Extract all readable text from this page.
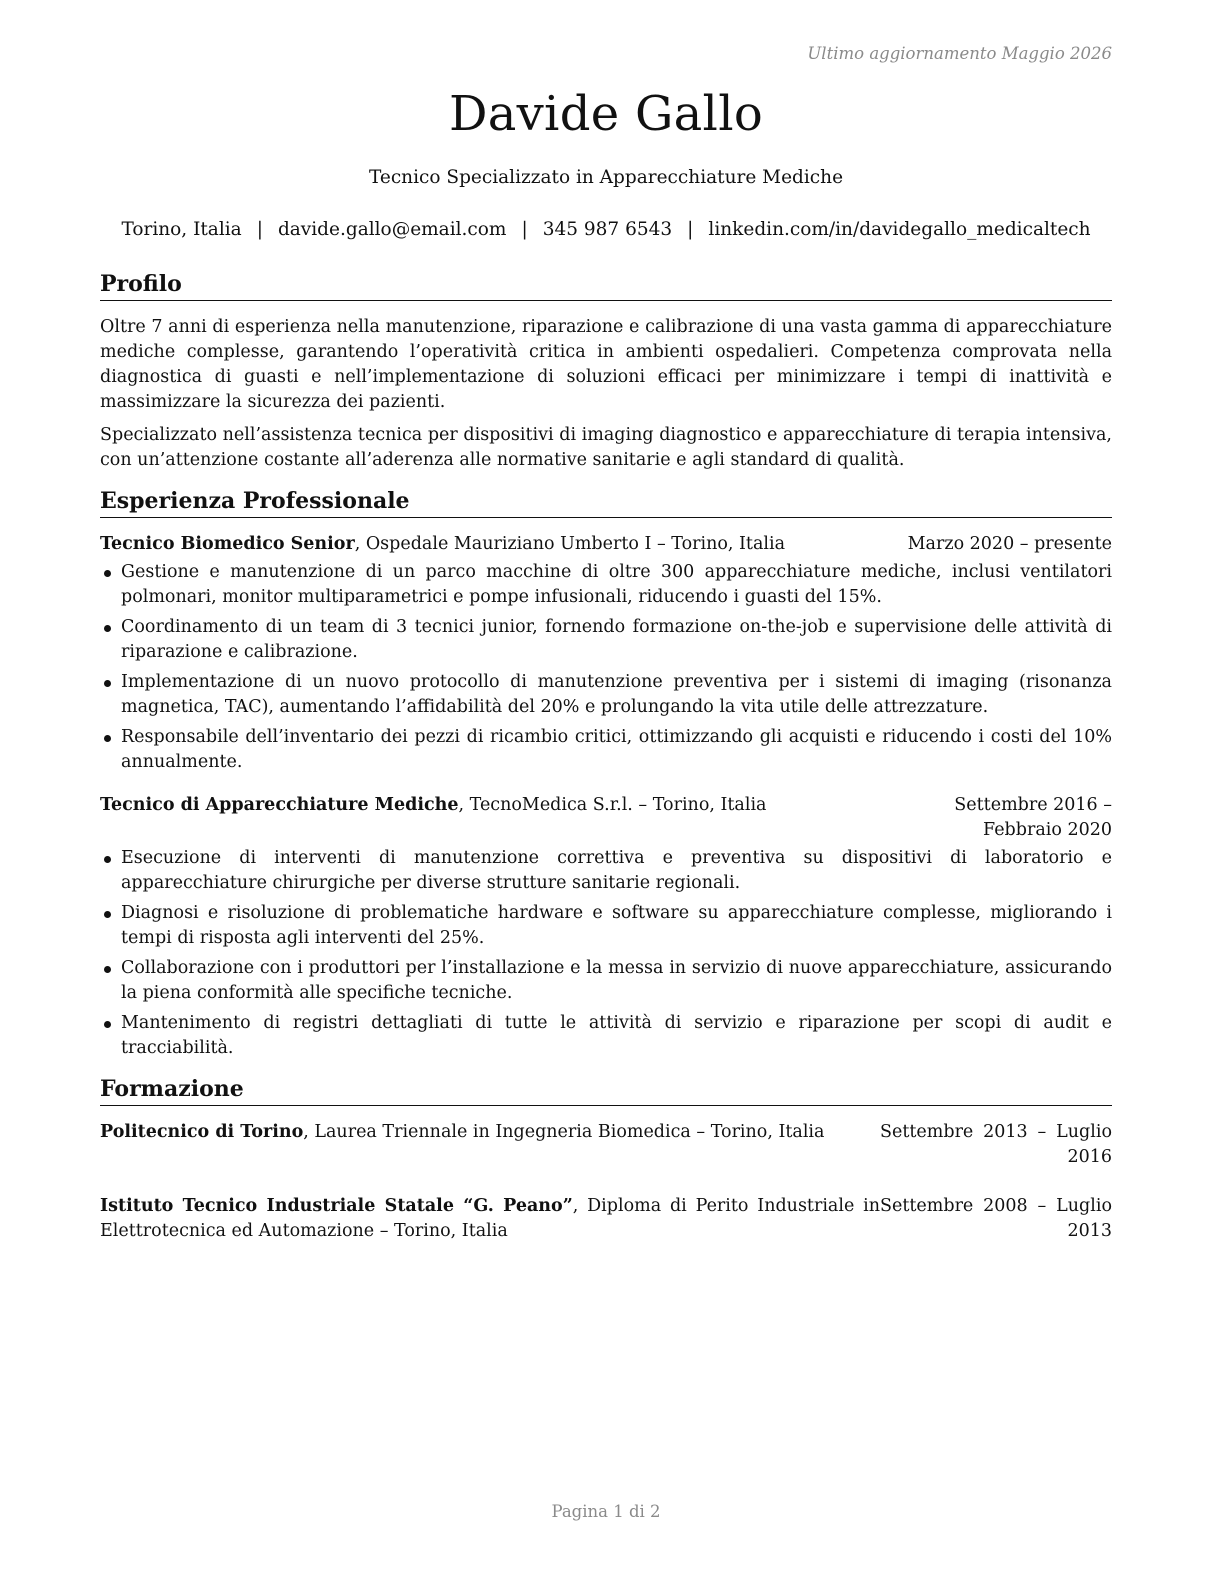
Ultimo aggiornamento Maggio 2026
Davide Gallo
Tecnico Specializzato in Apparecchiature Mediche
Torino, Italia | davide.gallo@email.com | 345 987 6543 | linkedin.com/in/davidegallo_medicaltech
Profilo

Oltre 7 anni di esperienza nella manutenzione, riparazione e calibrazione di una vasta gamma di apparecchiature mediche complesse, garantendo l’operatività critica in ambienti ospedalieri. Competenza comprovata nella diagnostica di guasti e nell’implementazione di soluzioni efficaci per minimizzare i tempi di inattività e massimizzare la sicurezza dei pazienti.

Specializzato nell’assistenza tecnica per dispositivi di imaging diagnostico e apparecchiature di terapia intensiva, con un’attenzione costante all’aderenza alle normative sanitarie e agli standard di qualità.

Esperienza Professionale
Tecnico Biomedico Senior, Ospedale Mauriziano Umberto I – Torino, Italia	Marzo 2020 – presente
Gestione e manutenzione di un parco macchine di oltre 300 apparecchiature mediche, inclusi ventilatori polmonari, monitor multiparametrici e pompe infusionali, riducendo i guasti del 15%.
Coordinamento di un team di 3 tecnici junior, fornendo formazione on-the-job e supervisione delle attività di riparazione e calibrazione.
Implementazione di un nuovo protocollo di manutenzione preventiva per i sistemi di imaging (risonanza magnetica, TAC), aumentando l’affidabilità del 20% e prolungando la vita utile delle attrezzature.
Responsabile dell’inventario dei pezzi di ricambio critici, ottimizzando gli acquisti e riducendo i costi del 10% annualmente.
Tecnico di Apparecchiature Mediche, TecnoMedica S.r.l. – Torino, Italia	Settembre 2016 – Febbraio 2020
Esecuzione di interventi di manutenzione correttiva e preventiva su dispositivi di laboratorio e apparecchiature chirurgiche per diverse strutture sanitarie regionali.
Diagnosi e risoluzione di problematiche hardware e software su apparecchiature complesse, migliorando i tempi di risposta agli interventi del 25%.
Collaborazione con i produttori per l’installazione e la messa in servizio di nuove apparecchiature, assicurando la piena conformità alle specifiche tecniche.
Mantenimento di registri dettagliati di tutte le attività di servizio e riparazione per scopi di audit e tracciabilità.
Formazione
Politecnico di Torino, Laurea Triennale in Ingegneria Biomedica – Torino, Italia	Settembre 2013 – Luglio 2016
Istituto Tecnico Industriale Statale “G. Peano”, Diploma di Perito Industriale in Elettrotecnica ed Automazione – Torino, Italia
Settembre 2008 – Luglio 2013
Pagina 1 di 2
